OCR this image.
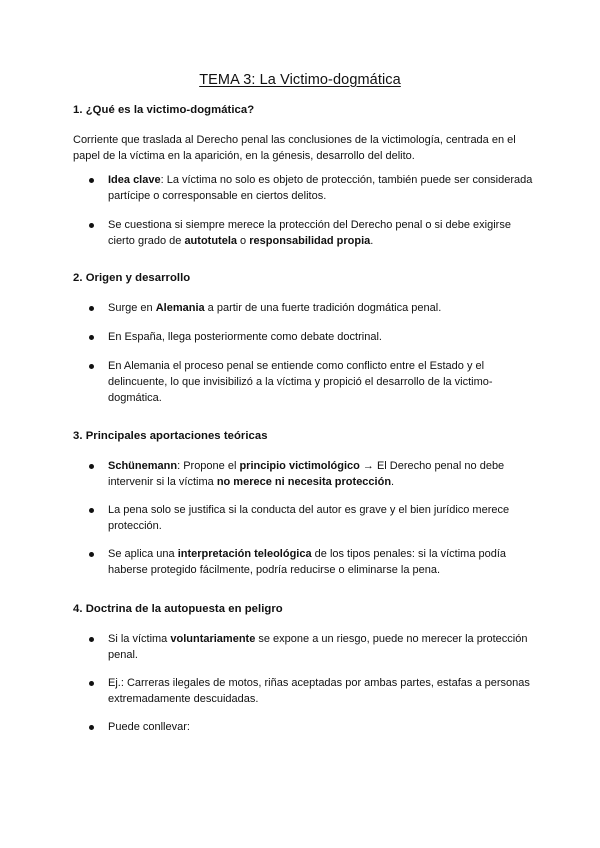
TEMA 3: La Victimo-dogmática
1. ¿Qué es la victimo-dogmática?
Corriente que traslada al Derecho penal las conclusiones de la victimología, centrada en el papel de la víctima en la aparición, en la génesis, desarrollo del delito.
Idea clave: La víctima no solo es objeto de protección, también puede ser considerada partícipe o corresponsable en ciertos delitos.
Se cuestiona si siempre merece la protección del Derecho penal o si debe exigirse cierto grado de autotutela o responsabilidad propia.
2. Origen y desarrollo
Surge en Alemania a partir de una fuerte tradición dogmática penal.
En España, llega posteriormente como debate doctrinal.
En Alemania el proceso penal se entiende como conflicto entre el Estado y el delincuente, lo que invisibilizó a la víctima y propició el desarrollo de la victimo-dogmática.
3. Principales aportaciones teóricas
Schünemann: Propone el principio victimológico → El Derecho penal no debe intervenir si la víctima no merece ni necesita protección.
La pena solo se justifica si la conducta del autor es grave y el bien jurídico merece protección.
Se aplica una interpretación teleológica de los tipos penales: si la víctima podía haberse protegido fácilmente, podría reducirse o eliminarse la pena.
4. Doctrina de la autopuesta en peligro
Si la víctima voluntariamente se expone a un riesgo, puede no merecer la protección penal.
Ej.: Carreras ilegales de motos, riñas aceptadas por ambas partes, estafas a personas extremadamente descuidadas.
Puede conllevar:
